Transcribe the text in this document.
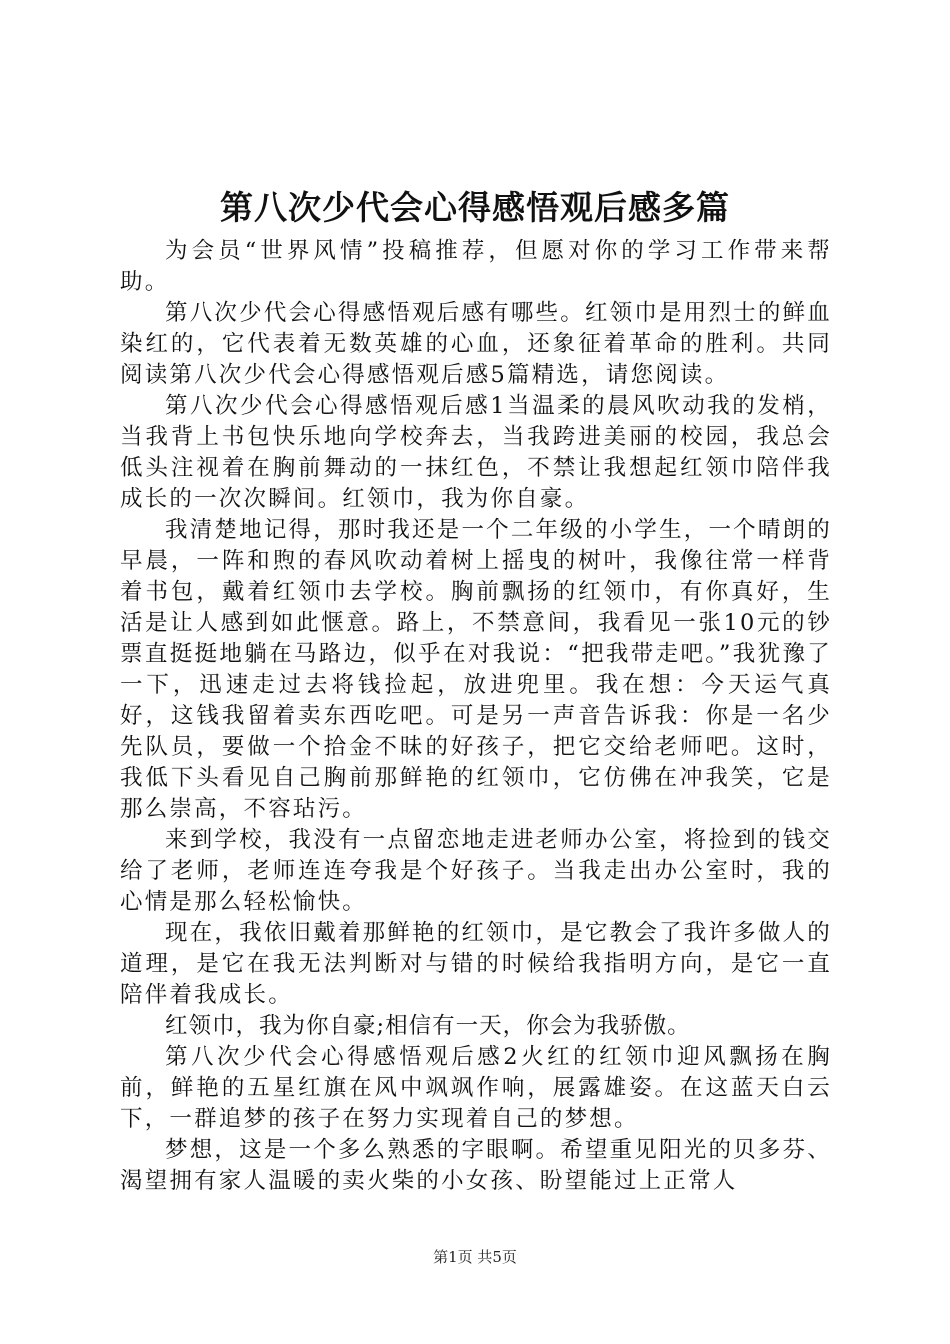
第八次少代会心得感悟观后感多篇

为会员“世界风情”投稿推荐，但愿对你的学习工作带来帮助。

第八次少代会心得感悟观后感有哪些。红领巾是用烈士的鲜血染红的，它代表着无数英雄的心血，还象征着革命的胜利。共同阅读第八次少代会心得感悟观后感5篇精选，请您阅读。

第八次少代会心得感悟观后感1当温柔的晨风吹动我的发梢，当我背上书包快乐地向学校奔去，当我跨进美丽的校园，我总会低头注视着在胸前舞动的一抹红色，不禁让我想起红领巾陪伴我成长的一次次瞬间。红领巾，我为你自豪。

我清楚地记得，那时我还是一个二年级的小学生，一个晴朗的早晨，一阵和煦的春风吹动着树上摇曳的树叶，我像往常一样背着书包，戴着红领巾去学校。胸前飘扬的红领巾，有你真好，生活是让人感到如此惬意。路上，不禁意间，我看见一张10元的钞票直挺挺地躺在马路边，似乎在对我说：“把我带走吧。”我犹豫了一下，迅速走过去将钱捡起，放进兜里。我在想：今天运气真好，这钱我留着卖东西吃吧。可是另一声音告诉我：你是一名少先队员，要做一个拾金不昧的好孩子，把它交给老师吧。这时，我低下头看见自己胸前那鲜艳的红领巾，它仿佛在冲我笑，它是那么崇高，不容玷污。

来到学校，我没有一点留恋地走进老师办公室，将捡到的钱交给了老师，老师连连夸我是个好孩子。当我走出办公室时，我的心情是那么轻松愉快。

现在，我依旧戴着那鲜艳的红领巾，是它教会了我许多做人的道理，是它在我无法判断对与错的时候给我指明方向，是它一直陪伴着我成长。

红领巾，我为你自豪;相信有一天，你会为我骄傲。

第八次少代会心得感悟观后感2火红的红领巾迎风飘扬在胸前，鲜艳的五星红旗在风中飒飒作响，展露雄姿。在这蓝天白云下，一群追梦的孩子在努力实现着自己的梦想。

梦想，这是一个多么熟悉的字眼啊。希望重见阳光的贝多芬、渴望拥有家人温暖的卖火柴的小女孩、盼望能过上正常人

第1页 共5页
